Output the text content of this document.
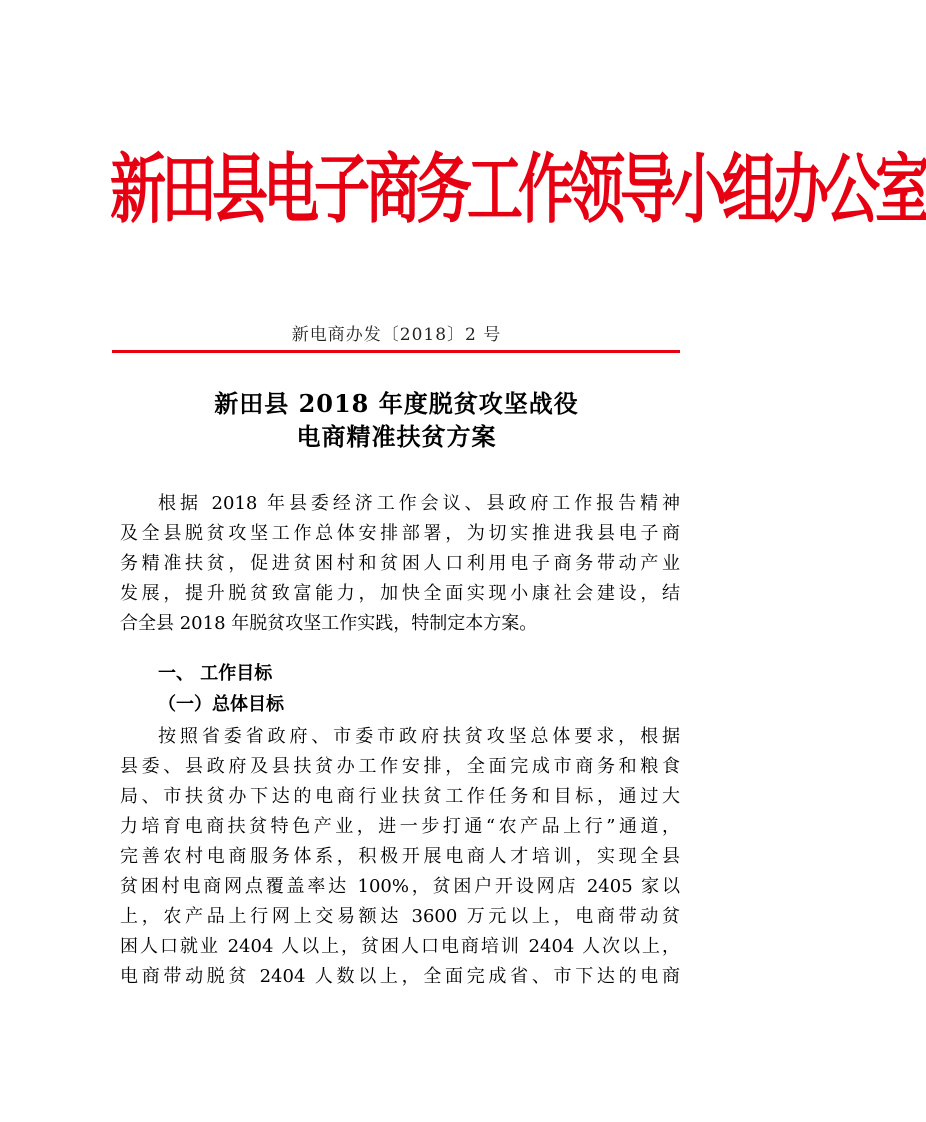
新田县电子商务工作领导小组办公室
新电商办发〔2018〕2 号
新田县 2018 年度脱贫攻坚战役
电商精准扶贫方案
根据 2018 年县委经济工作会议、县政府工作报告精神
及全县脱贫攻坚工作总体安排部署，为切实推进我县电子商
务精准扶贫，促进贫困村和贫困人口利用电子商务带动产业
发展，提升脱贫致富能力，加快全面实现小康社会建设，结
合全县 2018 年脱贫攻坚工作实践，特制定本方案。
一、 工作目标
（一）总体目标
按照省委省政府、市委市政府扶贫攻坚总体要求，根据
县委、县政府及县扶贫办工作安排，全面完成市商务和粮食
局、市扶贫办下达的电商行业扶贫工作任务和目标，通过大
力培育电商扶贫特色产业，进一步打通“农产品上行”通道，
完善农村电商服务体系，积极开展电商人才培训，实现全县
贫困村电商网点覆盖率达 100%，贫困户开设网店 2405 家以
上，农产品上行网上交易额达 3600 万元以上，电商带动贫
困人口就业 2404 人以上，贫困人口电商培训 2404 人次以上，
电商带动脱贫 2404 人数以上，全面完成省、市下达的电商
